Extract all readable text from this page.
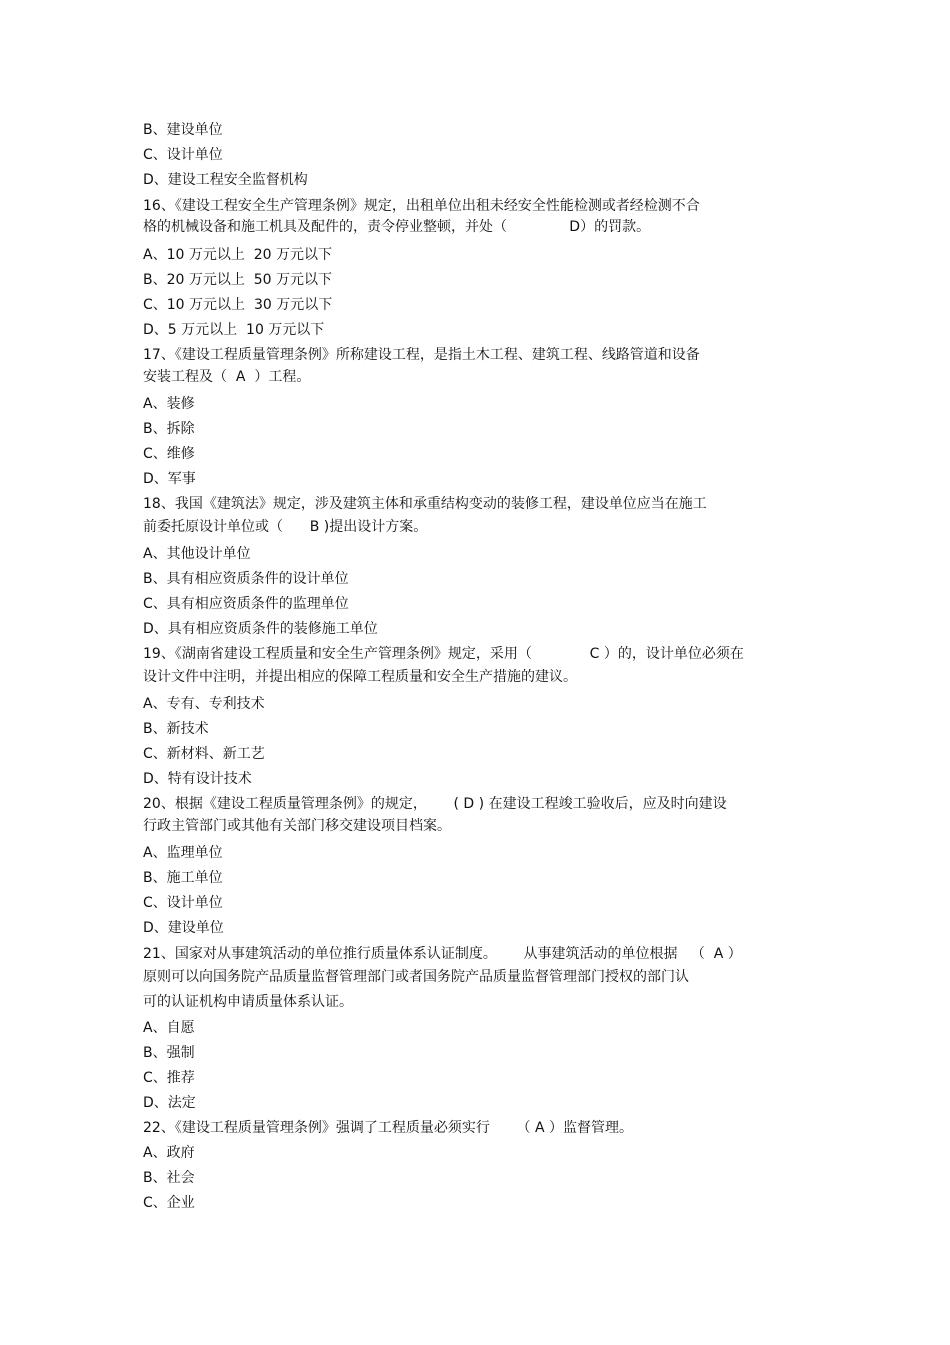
B、建设单位
C、设计单位
D、建设工程安全监督机构
16、《建设工程安全生产管理条例》规定，出租单位出租未经安全性能检测或者经检测不合
格的机械设备和施工机具及配件的，责令停业整顿，并处（              D）的罚款。
A、10 万元以上  20 万元以下
B、20 万元以上  50 万元以下
C、10 万元以上  30 万元以下
D、5 万元以上  10 万元以下
17、《建设工程质量管理条例》所称建设工程，是指土木工程、建筑工程、线路管道和设备
安装工程及（  A  ）工程。
A、装修
B、拆除
C、维修
D、军事
18、我国《建筑法》规定，涉及建筑主体和承重结构变动的装修工程，建设单位应当在施工
前委托原设计单位或（      B )提出设计方案。
A、其他设计单位
B、具有相应资质条件的设计单位
C、具有相应资质条件的监理单位
D、具有相应资质条件的装修施工单位
19、《湖南省建设工程质量和安全生产管理条例》规定，采用（             C ）的，设计单位必须在
设计文件中注明，并提出相应的保障工程质量和安全生产措施的建议。
A、专有、专利技术
B、新技术
C、新材料、新工艺
D、特有设计技术
20、根据《建设工程质量管理条例》的规定，      ( D ) 在建设工程竣工验收后，应及时向建设
行政主管部门或其他有关部门移交建设项目档案。
A、监理单位
B、施工单位
C、设计单位
D、建设单位
21、国家对从事建筑活动的单位推行质量体系认证制度。      从事建筑活动的单位根据   （  A ）
原则可以向国务院产品质量监督管理部门或者国务院产品质量监督管理部门授权的部门认
可的认证机构申请质量体系认证。
A、自愿
B、强制
C、推荐
D、法定
22、《建设工程质量管理条例》强调了工程质量必须实行      （ A ）监督管理。
A、政府
B、社会
C、企业
